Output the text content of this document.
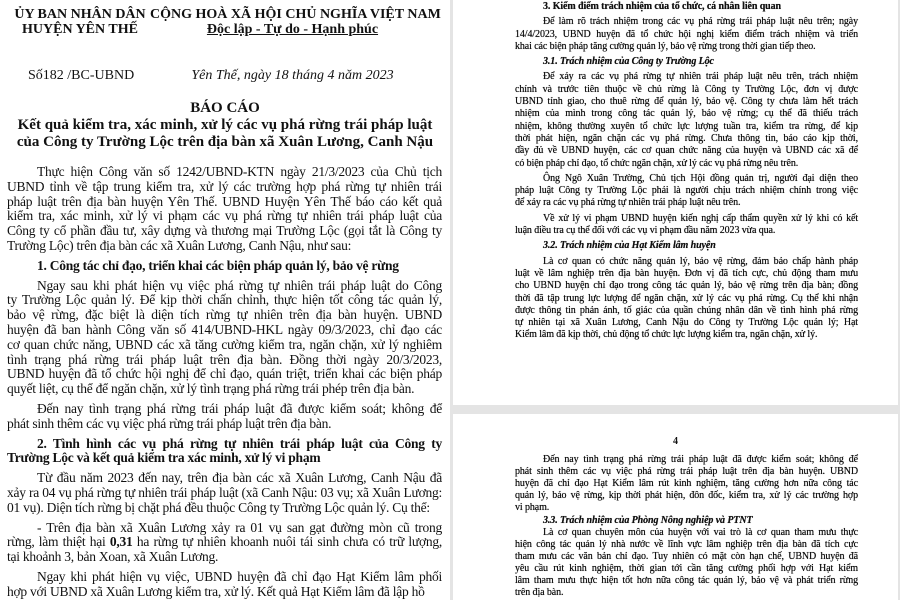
ỦY BAN NHÂN DÂN
HUYỆN YÊN THẾ
CỘNG HOÀ XÃ HỘI CHỦ NGHĨA VIỆT NAM
Độc lập - Tự do - Hạnh phúc
Số182 /BC-UBND	Yên Thế, ngày 18 tháng 4 năm 2023
BÁO CÁO
Kết quả kiểm tra, xác minh, xử lý các vụ phá rừng trái pháp luật
của Công ty Trường Lộc trên địa bàn xã Xuân Lương, Canh Nậu
Thực hiện Công văn số 1242/UBND-KTN ngày 21/3/2023 của Chủ tịch
UBND tỉnh về tập trung kiểm tra, xử lý các trường hợp phá rừng tự nhiên trái
pháp luật trên địa bàn huyện Yên Thế. UBND Huyện Yên Thế báo cáo kết quả
kiểm tra, xác minh, xử lý vi phạm các vụ phá rừng tự nhiên trái pháp luật của
Công ty cổ phần đầu tư, xây dựng và thương mại Trường Lộc (gọi tắt là Công ty
Trường Lộc) trên địa bàn các xã Xuân Lương, Canh Nậu, như sau:
1. Công tác chỉ đạo, triển khai các biện pháp quản lý, bảo vệ rừng
Ngay sau khi phát hiện vụ việc phá rừng tự nhiên trái pháp luật do Công
ty Trường Lộc quản lý. Để kịp thời chấn chỉnh, thực hiện tốt công tác quản lý,
bảo vệ rừng, đặc biệt là diện tích rừng tự nhiên trên địa bàn huyện. UBND
huyện đã ban hành Công văn số 414/UBND-HKL ngày 09/3/2023, chỉ đạo các
cơ quan chức năng, UBND các xã tăng cường kiểm tra, ngăn chặn, xử lý nghiêm
tình trạng phá rừng trái pháp luật trên địa bàn. Đồng thời ngày 20/3/2023,
UBND huyện đã tổ chức hội nghị để chỉ đạo, quán triệt, triển khai các biện pháp
quyết liệt, cụ thể để ngăn chặn, xử lý tình trạng phá rừng trái phép trên địa bàn.
Đến nay tình trạng phá rừng trái pháp luật đã được kiểm soát; không để
phát sinh thêm các vụ việc phá rừng trái pháp luật trên địa bàn.
2. Tình hình các vụ phá rừng tự nhiên trái pháp luật của Công ty
Trường Lộc và kết quả kiểm tra xác minh, xử lý vi phạm
Từ đầu năm 2023 đến nay, trên địa bàn các xã Xuân Lương, Canh Nậu đã
xảy ra 04 vụ phá rừng tự nhiên trái pháp luật (xã Canh Nậu: 03 vụ; xã Xuân Lương:
01 vụ). Diện tích rừng bị chặt phá đều thuộc Công ty Trường Lộc quản lý. Cụ thể:
- Trên địa bàn xã Xuân Lương xảy ra 01 vụ san gạt đường mòn cũ trong
rừng, làm thiệt hại 0,31 ha rừng tự nhiên khoanh nuôi tái sinh chưa có trữ lượng,
tại khoảnh 3, bản Xoan, xã Xuân Lương.
Ngay khi phát hiện vụ việc, UBND huyện đã chỉ đạo Hạt Kiểm lâm phối
hợp với UBND xã Xuân Lương kiểm tra, xử lý. Kết quả Hạt Kiểm lâm đã lập hồ
3. Kiểm điểm trách nhiệm của tổ chức, cá nhân liên quan
Để làm rõ trách nhiệm trong các vụ phá rừng trái pháp luật nêu trên; ngày
14/4/2023, UBND huyện đã tổ chức hội nghị kiểm điểm trách nhiệm và triển
khai các biện pháp tăng cường quản lý, bảo vệ rừng trong thời gian tiếp theo.
3.1. Trách nhiệm của Công ty Trường Lộc
Để xảy ra các vụ phá rừng tự nhiên trái pháp luật nêu trên, trách nhiệm
chính và trước tiên thuộc về chủ rừng là Công ty Trường Lộc, đơn vị được
UBND tỉnh giao, cho thuê rừng để quản lý, bảo vệ. Công ty chưa làm hết trách
nhiệm của mình trong công tác quản lý, bảo vệ rừng; cụ thể đã thiếu trách
nhiệm, không thường xuyên tổ chức lực lượng tuần tra, kiểm tra rừng, để kịp
thời phát hiện, ngăn chặn các vụ phá rừng. Chưa thông tin, báo cáo kịp thời,
đầy đủ về UBND huyện, các cơ quan chức năng của huyện và UBND các xã để
có biện pháp chỉ đạo, tổ chức ngăn chặn, xử lý các vụ phá rừng nêu trên.
Ông Ngô Xuân Trường, Chủ tịch Hội đồng quản trị, người đại diện theo
pháp luật Công ty Trường Lộc phải là người chịu trách nhiệm chính trong việc
để xảy ra các vụ phá rừng tự nhiên trái pháp luật nêu trên.
Về xử lý vi phạm UBND huyện kiến nghị cấp thẩm quyền xử lý khi có kết
luận điều tra cụ thể đối với các vụ vi phạm đầu năm 2023 vừa qua.
3.2. Trách nhiệm của Hạt Kiểm lâm huyện
Là cơ quan có chức năng quản lý, bảo vệ rừng, đảm bảo chấp hành pháp
luật về lâm nghiệp trên địa bàn huyện. Đơn vị đã tích cực, chủ động tham mưu
cho UBND huyện chỉ đạo trong công tác quản lý, bảo vệ rừng trên địa bàn; đồng
thời đã tập trung lực lượng để ngăn chặn, xử lý các vụ phá rừng. Cụ thể khi nhận
được thông tin phản ánh, tố giác của quần chúng nhân dân về tình hình phá rừng
tự nhiên tại xã Xuân Lương, Canh Nậu do Công ty Trường Lộc quản lý; Hạt
Kiểm lâm đã kịp thời, chủ động tổ chức lực lượng kiểm tra, ngăn chặn, xử lý.
4
Đến nay tình trạng phá rừng trái pháp luật đã được kiểm soát; không để
phát sinh thêm các vụ việc phá rừng trái pháp luật trên địa bàn huyện. UBND
huyện đã chỉ đạo Hạt Kiểm lâm rút kinh nghiệm, tăng cường hơn nữa công tác
quản lý, bảo vệ rừng, kịp thời phát hiện, đôn đốc, kiểm tra, xử lý các trường hợp
vi phạm.
3.3. Trách nhiệm của Phòng Nông nghiệp và PTNT
Là cơ quan chuyên môn của huyện với vai trò là cơ quan tham mưu thực
hiện công tác quản lý nhà nước về lĩnh vực lâm nghiệp trên địa bàn đã tích cực
tham mưu các văn bản chỉ đạo. Tuy nhiên có mặt còn hạn chế, UBND huyện đã
yêu cầu rút kinh nghiệm, thời gian tới cần tăng cường phối hợp với Hạt kiểm
lâm tham mưu thực hiện tốt hơn nữa công tác quản lý, bảo vệ và phát triển rừng
trên địa bàn.
